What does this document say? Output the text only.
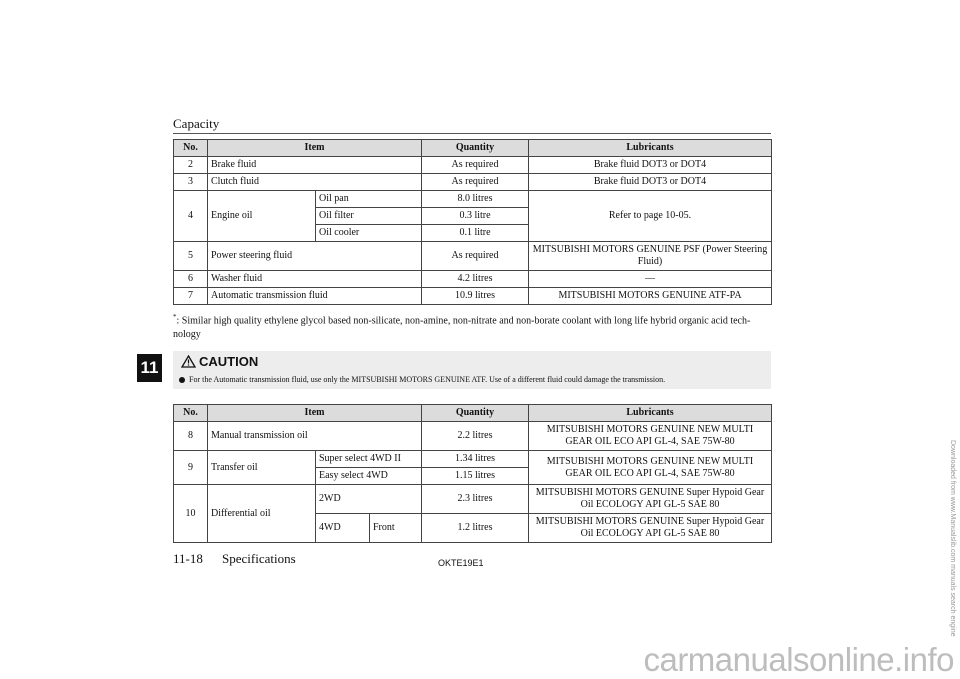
Capacity
11
No.	Item		Quantity	Lubricants
2	Brake fluid		As required	Brake fluid DOT3 or DOT4
3	Clutch fluid		As required	Brake fluid DOT3 or DOT4
4	Engine oil	Oil pan	8.0 litres	Refer to page 10-05.
		Oil filter	0.3 litre	
		Oil cooler	0.1 litre	
5	Power steering fluid		As required	MITSUBISHI MOTORS GENUINE PSF (Power Steering Fluid)
6	Washer fluid		4.2 litres	—
7	Automatic transmission fluid		10.9 litres	MITSUBISHI MOTORS GENUINE ATF-PA
*: Similar high quality ethylene glycol based non-silicate, non-amine, non-nitrate and non-borate coolant with long life hybrid organic acid tech-nology
CAUTION
For the Automatic transmission fluid, use only the MITSUBISHI MOTORS GENUINE ATF. Use of a different fluid could damage the transmission.
No.	Item			Quantity	Lubricants
8	Manual transmission oil			2.2 litres	MITSUBISHI MOTORS GENUINE NEW MULTI GEAR OIL ECO API GL-4, SAE 75W-80
9	Transfer oil	Super select 4WD II		1.34 litres	MITSUBISHI MOTORS GENUINE NEW MULTI GEAR OIL ECO API GL-4, SAE 75W-80
		Easy select 4WD		1.15 litres	
10	Differential oil	2WD		2.3 litres	MITSUBISHI MOTORS GENUINE Super Hypoid Gear Oil ECOLOGY API GL-5 SAE 80
		4WD	Front	1.2 litres	MITSUBISHI MOTORS GENUINE Super Hypoid Gear Oil ECOLOGY API GL-5 SAE 80
11-18 Specifications	OKTE19E1
carmanualsonline.info
Downloaded from www.Manualslib.com manuals search engine
